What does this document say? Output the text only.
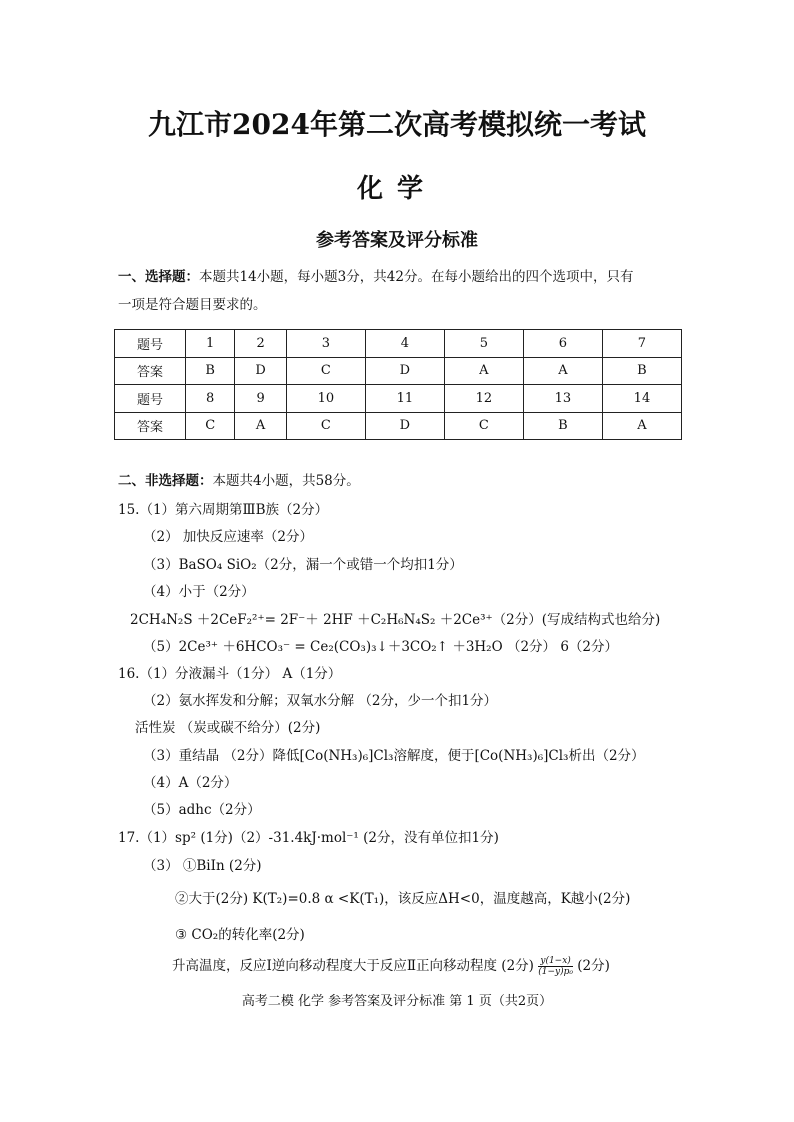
九江市2024年第二次高考模拟统一考试
化学
参考答案及评分标准
一、选择题：本题共14小题，每小题3分，共42分。在每小题给出的四个选项中，只有
一项是符合题目要求的。
题号	1	2	3	4	5	6	7
答案	B	D	C	D	A	A	B
题号	8	9	10	11	12	13	14
答案	C	A	C	D	C	B	A
二、非选择题：本题共4小题，共58分。
15.（1）第六周期第ⅢB族（2分）
（2） 加快反应速率（2分）
（3）BaSO₄ SiO₂（2分，漏一个或错一个均扣1分）
（4）小于（2分）
2CH₄N₂S ＋2CeF₂²⁺= 2F⁻＋ 2HF ＋C₂H₆N₄S₂ ＋2Ce³⁺（2分）(写成结构式也给分)
（5）2Ce³⁺ ＋6HCO₃⁻ = Ce₂(CO₃)₃↓＋3CO₂↑ ＋3H₂O （2分） 6（2分）
16.（1）分液漏斗（1分） A（1分）
（2）氨水挥发和分解；双氧水分解 （2分，少一个扣1分）
活性炭 （炭或碳不给分）(2分)
（3）重结晶 （2分）降低[Co(NH₃)₆]Cl₃溶解度，便于[Co(NH₃)₆]Cl₃析出（2分）
（4）A（2分）
（5）adhc（2分）
17.（1）sp² (1分)（2）-31.4kJ·mol⁻¹ (2分，没有单位扣1分)
（3） ①BiIn (2分)
②大于(2分) K(T₂)=0.8 α <K(T₁)，该反应ΔH<0，温度越高，K越小(2分)
③ CO₂的转化率(2分)
升高温度，反应Ⅰ逆向移动程度大于反应Ⅱ正向移动程度 (2分) $\frac{y(1-x)}{\text{(1−y)p₀}} (2$分)
高考二模 化学 参考答案及评分标准 第 1 页（共2页）
